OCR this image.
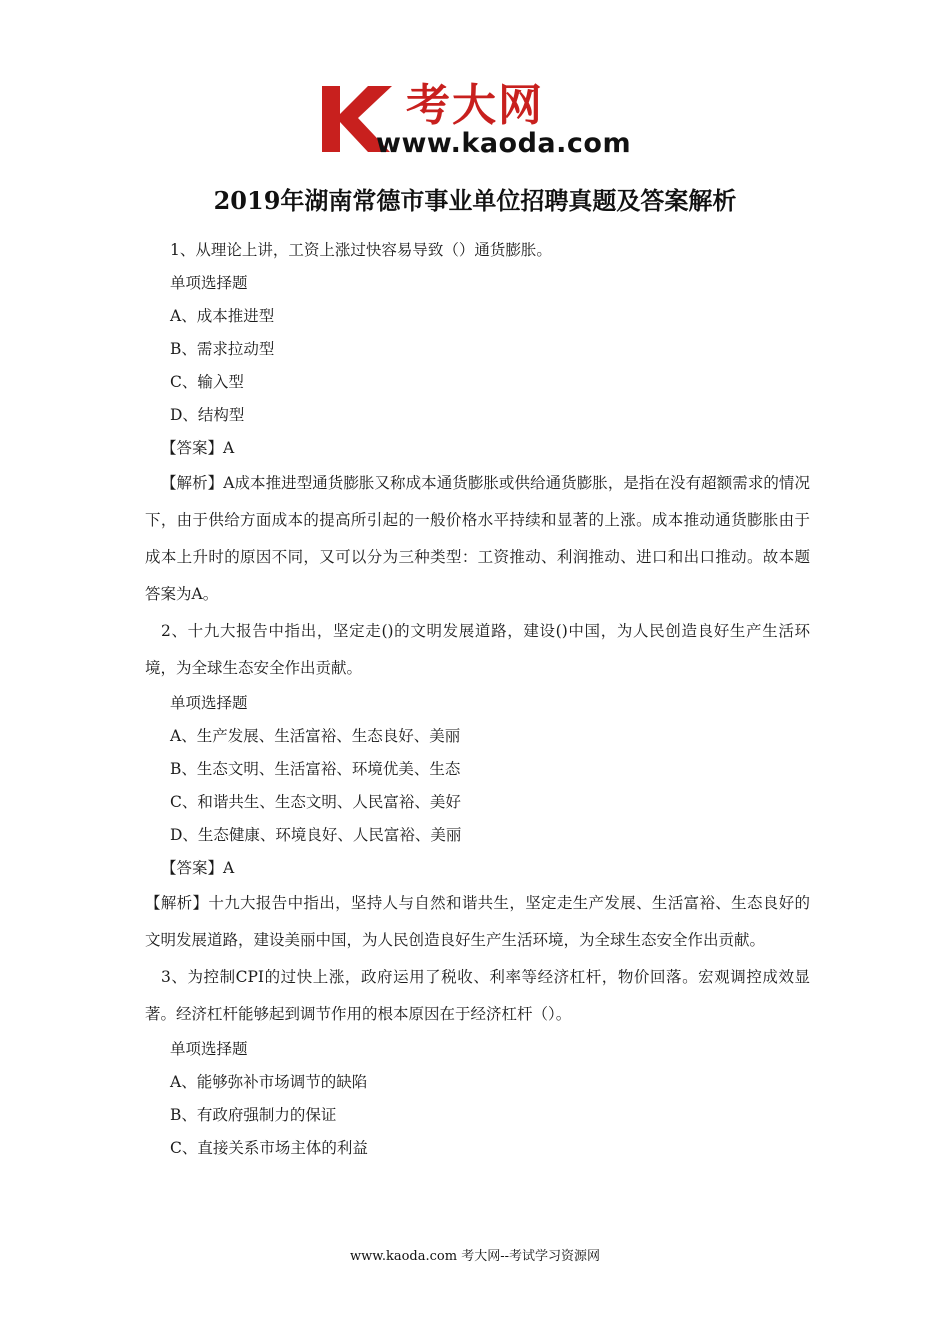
考大网
www.kaoda.com
2019年湖南常德市事业单位招聘真题及答案解析
1、从理论上讲，工资上涨过快容易导致（）通货膨胀。
单项选择题
A、成本推进型
B、需求拉动型
C、输入型
D、结构型
【答案】A

【解析】A成本推进型通货膨胀又称成本通货膨胀或供给通货膨胀，是指在没有超额需求的情况下，由于供给方面成本的提高所引起的一般价格水平持续和显著的上涨。成本推动通货膨胀由于成本上升时的原因不同，又可以分为三种类型：工资推动、利润推动、进口和出口推动。故本题答案为A。

2、十九大报告中指出，坚定走()的文明发展道路，建设()中国，为人民创造良好生产生活环境，为全球生态安全作出贡献。

单项选择题
A、生产发展、生活富裕、生态良好、美丽
B、生态文明、生活富裕、环境优美、生态
C、和谐共生、生态文明、人民富裕、美好
D、生态健康、环境良好、人民富裕、美丽
【答案】A

【解析】十九大报告中指出，坚持人与自然和谐共生，坚定走生产发展、生活富裕、生态良好的文明发展道路，建设美丽中国，为人民创造良好生产生活环境，为全球生态安全作出贡献。

3、为控制CPI的过快上涨，政府运用了税收、利率等经济杠杆，物价回落。宏观调控成效显著。经济杠杆能够起到调节作用的根本原因在于经济杠杆（）。

单项选择题
A、能够弥补市场调节的缺陷
B、有政府强制力的保证
C、直接关系市场主体的利益
www.kaoda.com 考大网--考试学习资源网
